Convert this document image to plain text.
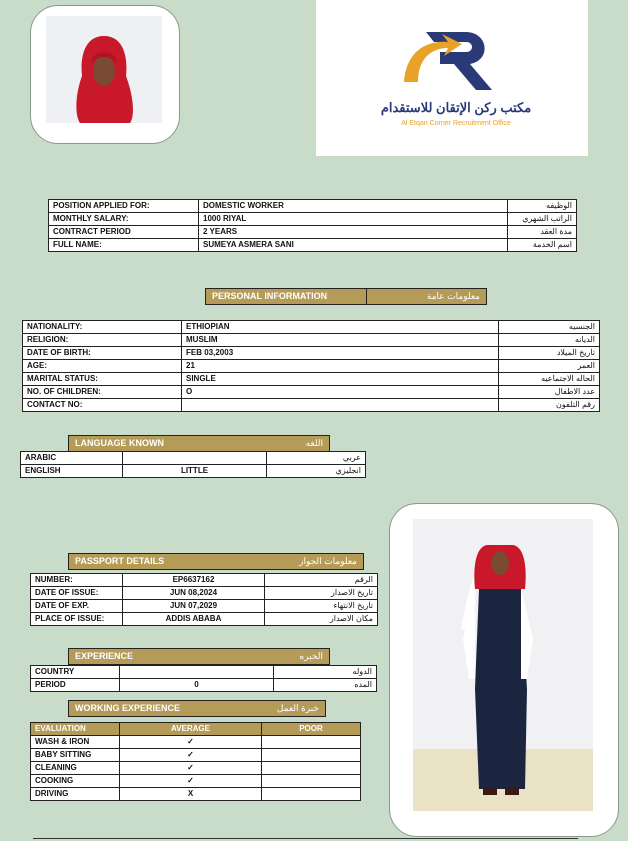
مكتب ركن الإتقان للاستقدام
Al Etqan Corner Recruitment Office
POSITION APPLIED FOR:	DOMESTIC WORKER	الوظيفه
MONTHLY SALARY:	1000 RIYAL	الراتب الشهري
CONTRACT PERIOD	2 YEARS	مدة العقد
FULL NAME:	SUMEYA ASMERA SANI	اسم الخدمة
PERSONAL INFORMATION	معلومات عامة
NATIONALITY:	ETHIOPIAN	الجنسيه
RELIGION:	MUSLIM	الديانه
DATE OF BIRTH:	FEB 03,2003	تاريخ الميلاد
AGE:	21	العمر
MARITAL STATUS:	SINGLE	الحاله الاجتماعيه
NO. OF CHILDREN:	O	عدد الاطفال
CONTACT NO:		رقم التلفون
LANGUAGE KNOWN	اللغه
ARABIC		عربي
ENGLISH	LITTLE	انجليزي
PASSPORT DETAILS	معلومات الجواز
NUMBER:	EP6637162	الرقم
DATE OF ISSUE:	JUN 08,2024	تاريخ الاصدار
DATE OF EXP.	JUN 07,2029	تاريخ الانتهاء
PLACE OF ISSUE:	ADDIS ABABA	مكان الاصدار
EXPERIENCE	الخبره
COUNTRY		الدوله
PERIOD	0	المده
WORKING EXPERIENCE	خبرة العمل
EVALUATION	AVERAGE	POOR
WASH & IRON	✓	
BABY SITTING	✓	
CLEANING	✓	
COOKING	✓	
DRIVING	X	
